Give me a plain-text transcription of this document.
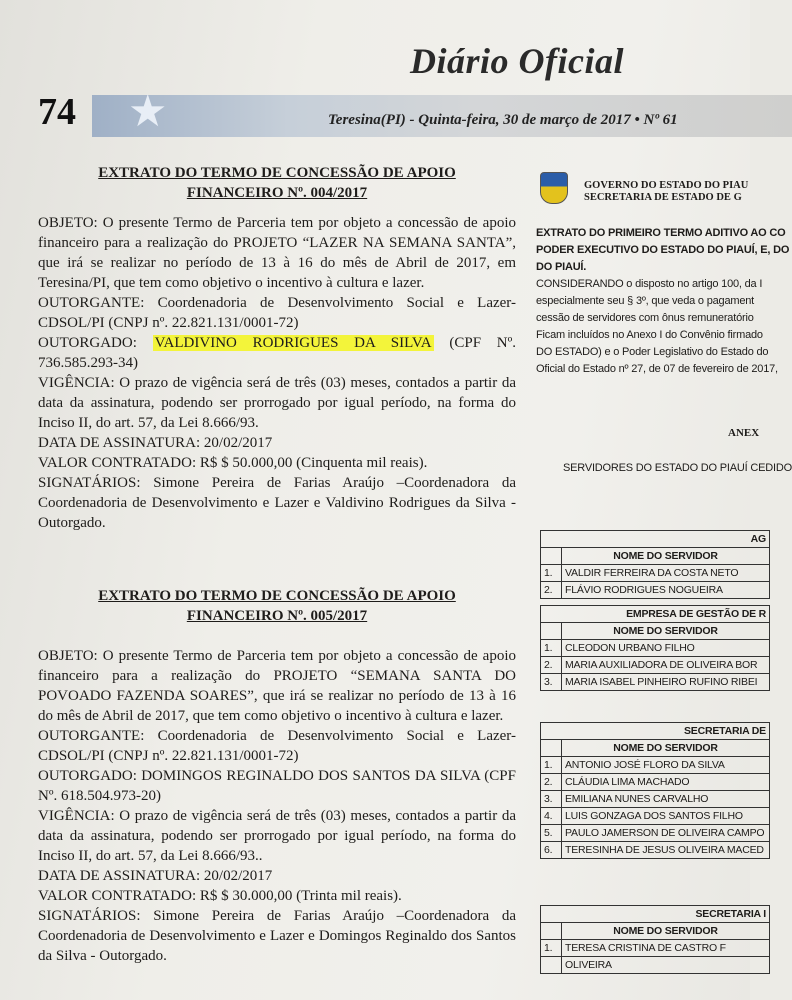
Diário Oficial
★
74	Teresina(PI) - Quinta-feira, 30 de março de 2017 • Nº 61
EXTRATO DO TERMO DE CONCESSÃO DE APOIO
FINANCEIRO Nº. 004/2017
OBJETO: O presente Termo de Parceria tem por objeto a concessão de apoio financeiro para a realização do PROJETO “LAZER NA SEMANA SANTA”, que irá se realizar no período de 13 à 16 do mês de Abril de 2017, em Teresina/PI, que tem como objetivo o incentivo à cultura e lazer.
OUTORGANTE: Coordenadoria de Desenvolvimento Social e Lazer-CDSOL/PI (CNPJ nº. 22.821.131/0001-72)
OUTORGADO: VALDIVINO RODRIGUES DA SILVA (CPF Nº. 736.585.293-34)
VIGÊNCIA: O prazo de vigência será de três (03) meses, contados a partir da data da assinatura, podendo ser prorrogado por igual período, na forma do Inciso II, do art. 57, da Lei 8.666/93.
DATA DE ASSINATURA: 20/02/2017
VALOR CONTRATADO: R$ $ 50.000,00 (Cinquenta mil reais).
SIGNATÁRIOS: Simone Pereira de Farias Araújo –Coordenadora da Coordenadoria de Desenvolvimento e Lazer e Valdivino Rodrigues da Silva - Outorgado.
EXTRATO DO TERMO DE CONCESSÃO DE APOIO
FINANCEIRO Nº. 005/2017
OBJETO: O presente Termo de Parceria tem por objeto a concessão de apoio financeiro para a realização do PROJETO “SEMANA SANTA DO POVOADO FAZENDA SOARES”, que irá se realizar no período de 13 à 16 do mês de Abril de 2017, que tem como objetivo o incentivo à cultura e lazer.
OUTORGANTE: Coordenadoria de Desenvolvimento Social e Lazer-CDSOL/PI (CNPJ nº. 22.821.131/0001-72)
OUTORGADO: DOMINGOS REGINALDO DOS SANTOS DA SILVA (CPF Nº. 618.504.973-20)
VIGÊNCIA: O prazo de vigência será de três (03) meses, contados a partir da data da assinatura, podendo ser prorrogado por igual período, na forma do Inciso II, do art. 57, da Lei 8.666/93..
DATA DE ASSINATURA: 20/02/2017
VALOR CONTRATADO: R$ $ 30.000,00 (Trinta mil reais).
SIGNATÁRIOS: Simone Pereira de Farias Araújo –Coordenadora da Coordenadoria de Desenvolvimento e Lazer e Domingos Reginaldo dos Santos da Silva - Outorgado.
GOVERNO DO ESTADO DO PIAU
SECRETARIA DE ESTADO DE G
EXTRATO DO PRIMEIRO TERMO ADITIVO AO CO
PODER EXECUTIVO DO ESTADO DO PIAUÍ, E, DO
DO PIAUÍ.
CONSIDERANDO o disposto no artigo 100, da I
especialmente seu § 3º, que veda o pagament
cessão de servidores com ônus remuneratório
Ficam incluídos no Anexo I do Convênio firmado
DO ESTADO) e o Poder Legislativo do Estado do
Oficial do Estado nº 27, de 07 de fevereiro de 2017,
ANEX
SERVIDORES DO ESTADO DO PIAUÍ CEDIDO
AG	
	NOME DO SERVIDOR
1.	VALDIR FERREIRA DA COSTA NETO
2.	FLÁVIO RODRIGUES NOGUEIRA
EMPRESA DE GESTÃO DE R	
	NOME DO SERVIDOR
1.	CLEODON URBANO FILHO
2.	MARIA AUXILIADORA DE OLIVEIRA BOR
3.	MARIA ISABEL PINHEIRO RUFINO RIBEI
SECRETARIA DE	
	NOME DO SERVIDOR
1.	ANTONIO JOSÉ FLORO DA SILVA
2.	CLÁUDIA LIMA MACHADO
3.	EMILIANA NUNES CARVALHO
4.	LUIS GONZAGA DOS SANTOS FILHO
5.	PAULO JAMERSON DE OLIVEIRA CAMPO
6.	TERESINHA DE JESUS OLIVEIRA MACED
SECRETARIA I	
	NOME DO SERVIDOR
1.	TERESA CRISTINA DE CASTRO F
	OLIVEIRA
